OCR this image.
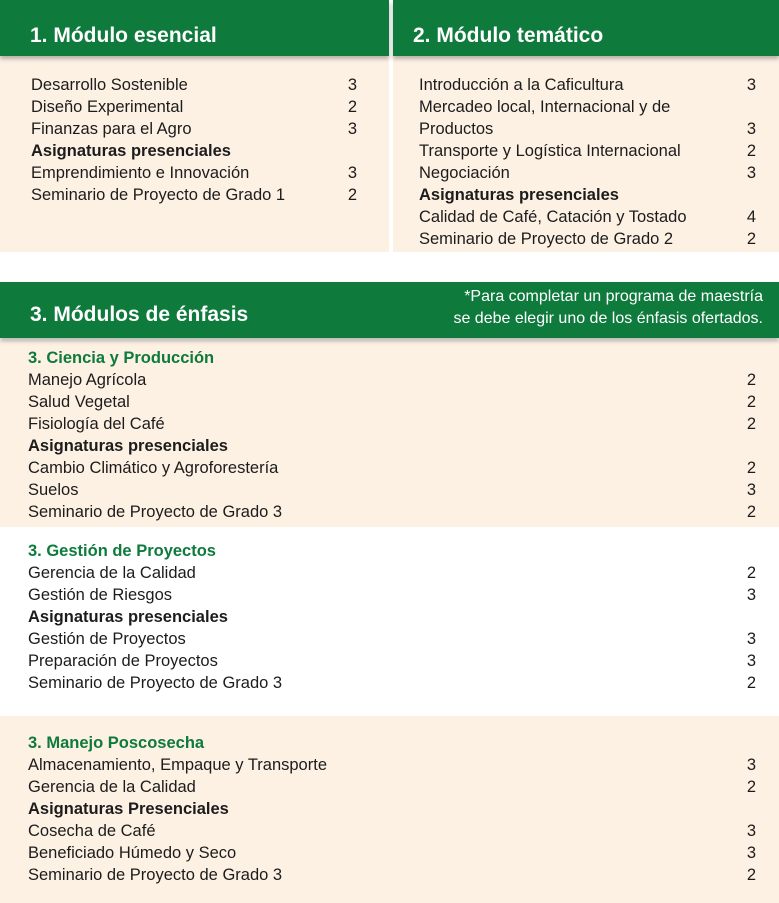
1. Módulo esencial	2. Módulo temático
3. Módulos de énfasis
*Para completar un programa de maestría
se debe elegir uno de los énfasis ofertados.
Desarrollo Sostenible	3
Diseño Experimental	2
Finanzas para el Agro	3
Asignaturas presenciales
Emprendimiento e Innovación	3
Seminario de Proyecto de Grado 1	2
Introducción a la Caficultura	3
Mercadeo local, Internacional y de
Productos	3
Transporte y Logística Internacional	2
Negociación	3
Asignaturas presenciales
Calidad de Café, Catación y Tostado	4
Seminario de Proyecto de Grado 2	2
3. Ciencia y Producción
Manejo Agrícola	2
Salud Vegetal	2
Fisiología del Café	2
Asignaturas presenciales
Cambio Climático y Agroforestería	2
Suelos	3
Seminario de Proyecto de Grado 3	2
3. Gestión de Proyectos
Gerencia de la Calidad	2
Gestión de Riesgos	3
Asignaturas presenciales
Gestión de Proyectos	3
Preparación de Proyectos	3
Seminario de Proyecto de Grado 3	2
3. Manejo Poscosecha
Almacenamiento, Empaque y Transporte	3
Gerencia de la Calidad	2
Asignaturas Presenciales
Cosecha de Café	3
Beneficiado Húmedo y Seco	3
Seminario de Proyecto de Grado 3	2
